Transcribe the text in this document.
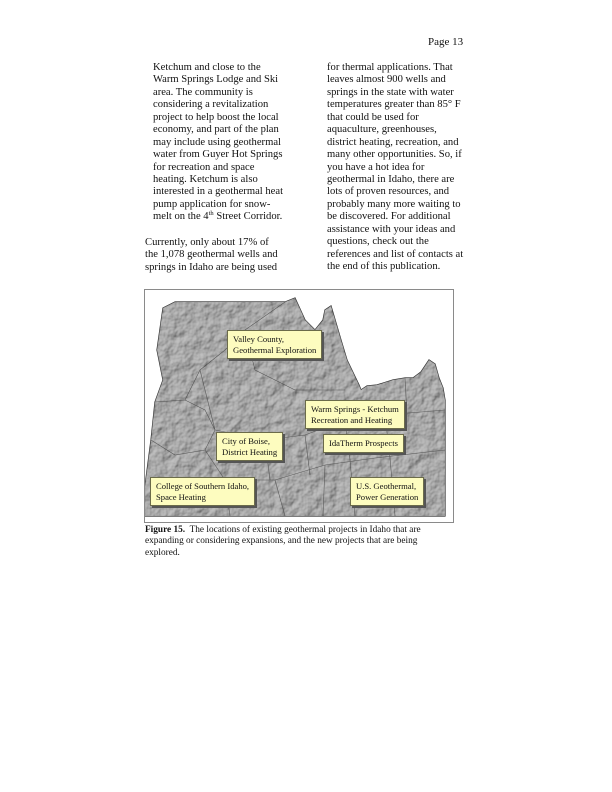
Page 13
Ketchum and close to the
Warm Springs Lodge and Ski
area. The community is
considering a revitalization
project to help boost the local
economy, and part of the plan
may include using geothermal
water from Guyer Hot Springs
for recreation and space
heating. Ketchum is also
interested in a geothermal heat
pump application for snow-
melt on the 4th Street Corridor.
Currently, only about 17% of
the 1,078 geothermal wells and
springs in Idaho are being used
for thermal applications. That
leaves almost 900 wells and
springs in the state with water
temperatures greater than 85° F
that could be used for
aquaculture, greenhouses,
district heating, recreation, and
many other opportunities. So, if
you have a hot idea for
geothermal in Idaho, there are
lots of proven resources, and
probably many more waiting to
be discovered. For additional
assistance with your ideas and
questions, check out the
references and list of contacts at
the end of this publication.
Valley County,
Geothermal Exploration
Warm Springs - Ketchum
Recreation and Heating
City of Boise,
District Heating
IdaTherm Prospects
College of Southern Idaho,
Space Heating
U.S. Geothermal,
Power Generation
Figure 15.  The locations of existing geothermal projects in Idaho that are
expanding or considering expansions, and the new projects that are being
explored.
